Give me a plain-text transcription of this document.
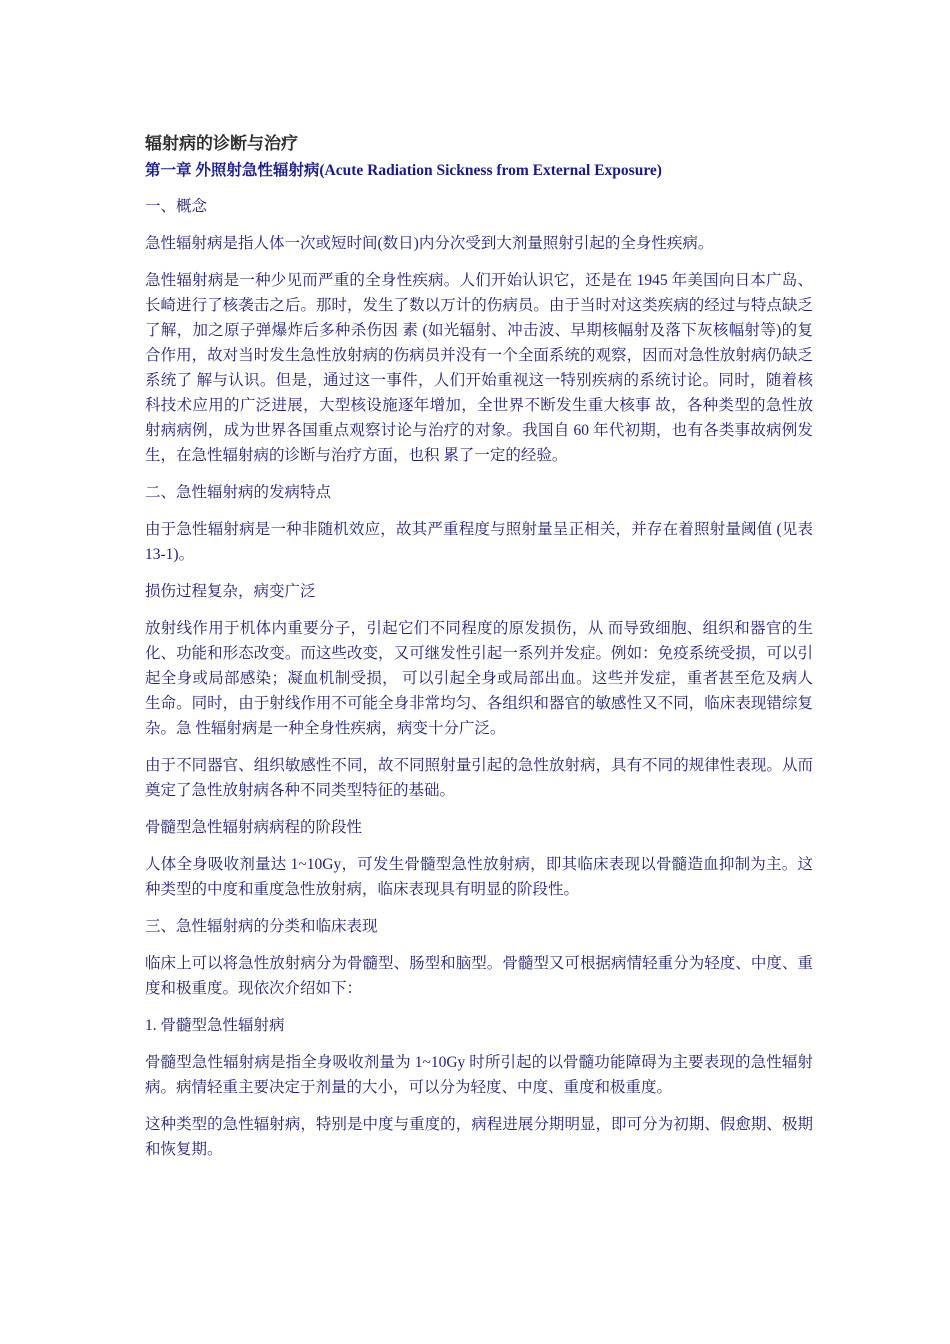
辐射病的诊断与治疗
第一章 外照射急性辐射病(Acute Radiation Sickness from External Exposure)

一、概念

急性辐射病是指人体一次或短时间(数日)内分次受到大剂量照射引起的全身性疾病。

急性辐射病是一种少见而严重的全身性疾病。人们开始认识它，还是在 1945 年美国向日本广岛、长崎进行了核袭击之后。那时，发生了数以万计的伤病员。由于当时对这类疾病的经过与特点缺乏了解，加之原子弹爆炸后多种杀伤因 素 (如光辐射、冲击波、早期核幅射及落下灰核幅射等)的复合作用，故对当时发生急性放射病的伤病员并没有一个全面系统的观察，因而对急性放射病仍缺乏系统了 解与认识。但是，通过这一事件，人们开始重视这一特别疾病的系统讨论。同时，随着核科技术应用的广泛进展，大型核设施逐年增加，全世界不断发生重大核事 故，各种类型的急性放射病病例，成为世界各国重点观察讨论与治疗的对象。我国自 60 年代初期，也有各类事故病例发生，在急性辐射病的诊断与治疗方面，也积 累了一定的经验。

二、急性辐射病的发病特点

由于急性辐射病是一种非随机效应，故其严重程度与照射量呈正相关，并存在着照射量阈值 (见表 13-1)。

损伤过程复杂，病变广泛

放射线作用于机体内重要分子，引起它们不同程度的原发损伤，从 而导致细胞、组织和器官的生化、功能和形态改变。而这些改变，又可继发性引起一系列并发症。例如：免疫系统受损，可以引起全身或局部感染；凝血机制受损， 可以引起全身或局部出血。这些并发症，重者甚至危及病人生命。同时，由于射线作用不可能全身非常均匀、各组织和器官的敏感性又不同，临床表现错综复杂。急 性辐射病是一种全身性疾病，病变十分广泛。

由于不同器官、组织敏感性不同，故不同照射量引起的急性放射病，具有不同的规律性表现。从而奠定了急性放射病各种不同类型特征的基础。

骨髓型急性辐射病病程的阶段性

人体全身吸收剂量达 1~10Gy，可发生骨髓型急性放射病，即其临床表现以骨髓造血抑制为主。这种类型的中度和重度急性放射病，临床表现具有明显的阶段性。

三、急性辐射病的分类和临床表现

临床上可以将急性放射病分为骨髓型、肠型和脑型。骨髓型又可根据病情轻重分为轻度、中度、重度和极重度。现依次介绍如下：

1. 骨髓型急性辐射病

骨髓型急性辐射病是指全身吸收剂量为 1~10Gy 时所引起的以骨髓功能障碍为主要表现的急性辐射病。病情轻重主要决定于剂量的大小，可以分为轻度、中度、重度和极重度。

这种类型的急性辐射病，特别是中度与重度的，病程进展分期明显，即可分为初期、假愈期、极期和恢复期。
